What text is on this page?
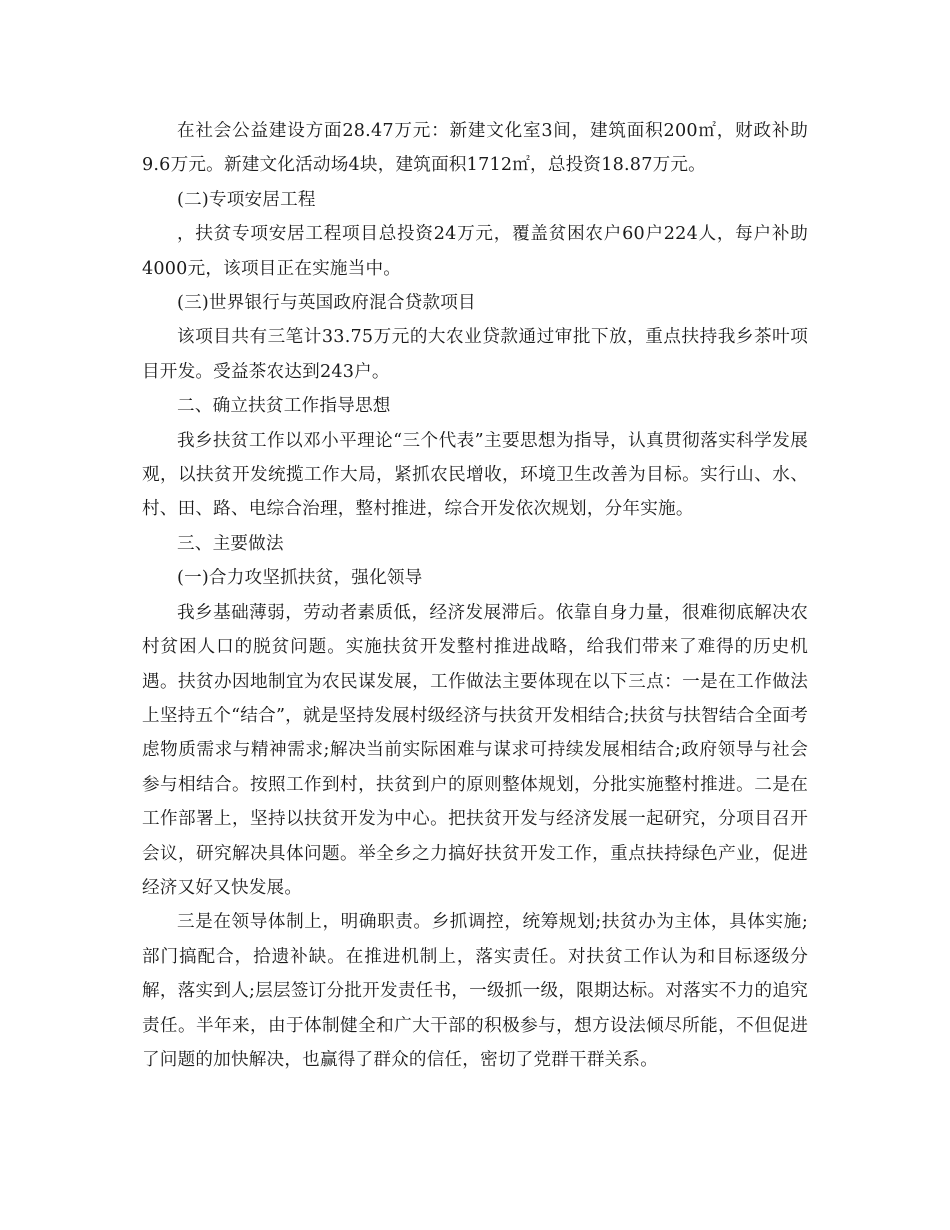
在社会公益建设方面28.47万元：新建文化室3间，建筑面积200㎡，财政补助9.6万元。新建文化活动场4块，建筑面积1712㎡，总投资18.87万元。

(二)专项安居工程

，扶贫专项安居工程项目总投资24万元，覆盖贫困农户60户224人，每户补助4000元，该项目正在实施当中。

(三)世界银行与英国政府混合贷款项目

该项目共有三笔计33.75万元的大农业贷款通过审批下放，重点扶持我乡茶叶项目开发。受益茶农达到243户。

二、确立扶贫工作指导思想

我乡扶贫工作以邓小平理论“三个代表”主要思想为指导，认真贯彻落实科学发展观，以扶贫开发统揽工作大局，紧抓农民增收，环境卫生改善为目标。实行山、水、村、田、路、电综合治理，整村推进，综合开发依次规划，分年实施。

三、主要做法

(一)合力攻坚抓扶贫，强化领导

我乡基础薄弱，劳动者素质低，经济发展滞后。依靠自身力量，很难彻底解决农村贫困人口的脱贫问题。实施扶贫开发整村推进战略，给我们带来了难得的历史机遇。扶贫办因地制宜为农民谋发展，工作做法主要体现在以下三点：一是在工作做法上坚持五个“结合”，就是坚持发展村级经济与扶贫开发相结合;扶贫与扶智结合全面考虑物质需求与精神需求;解决当前实际困难与谋求可持续发展相结合;政府领导与社会参与相结合。按照工作到村，扶贫到户的原则整体规划，分批实施整村推进。二是在工作部署上，坚持以扶贫开发为中心。把扶贫开发与经济发展一起研究，分项目召开会议，研究解决具体问题。举全乡之力搞好扶贫开发工作，重点扶持绿色产业，促进经济又好又快发展。

三是在领导体制上，明确职责。乡抓调控，统筹规划;扶贫办为主体，具体实施;部门搞配合，拾遗补缺。在推进机制上，落实责任。对扶贫工作认为和目标逐级分解，落实到人;层层签订分批开发责任书，一级抓一级，限期达标。对落实不力的追究责任。半年来，由于体制健全和广大干部的积极参与，想方设法倾尽所能，不但促进了问题的加快解决，也赢得了群众的信任，密切了党群干群关系。
